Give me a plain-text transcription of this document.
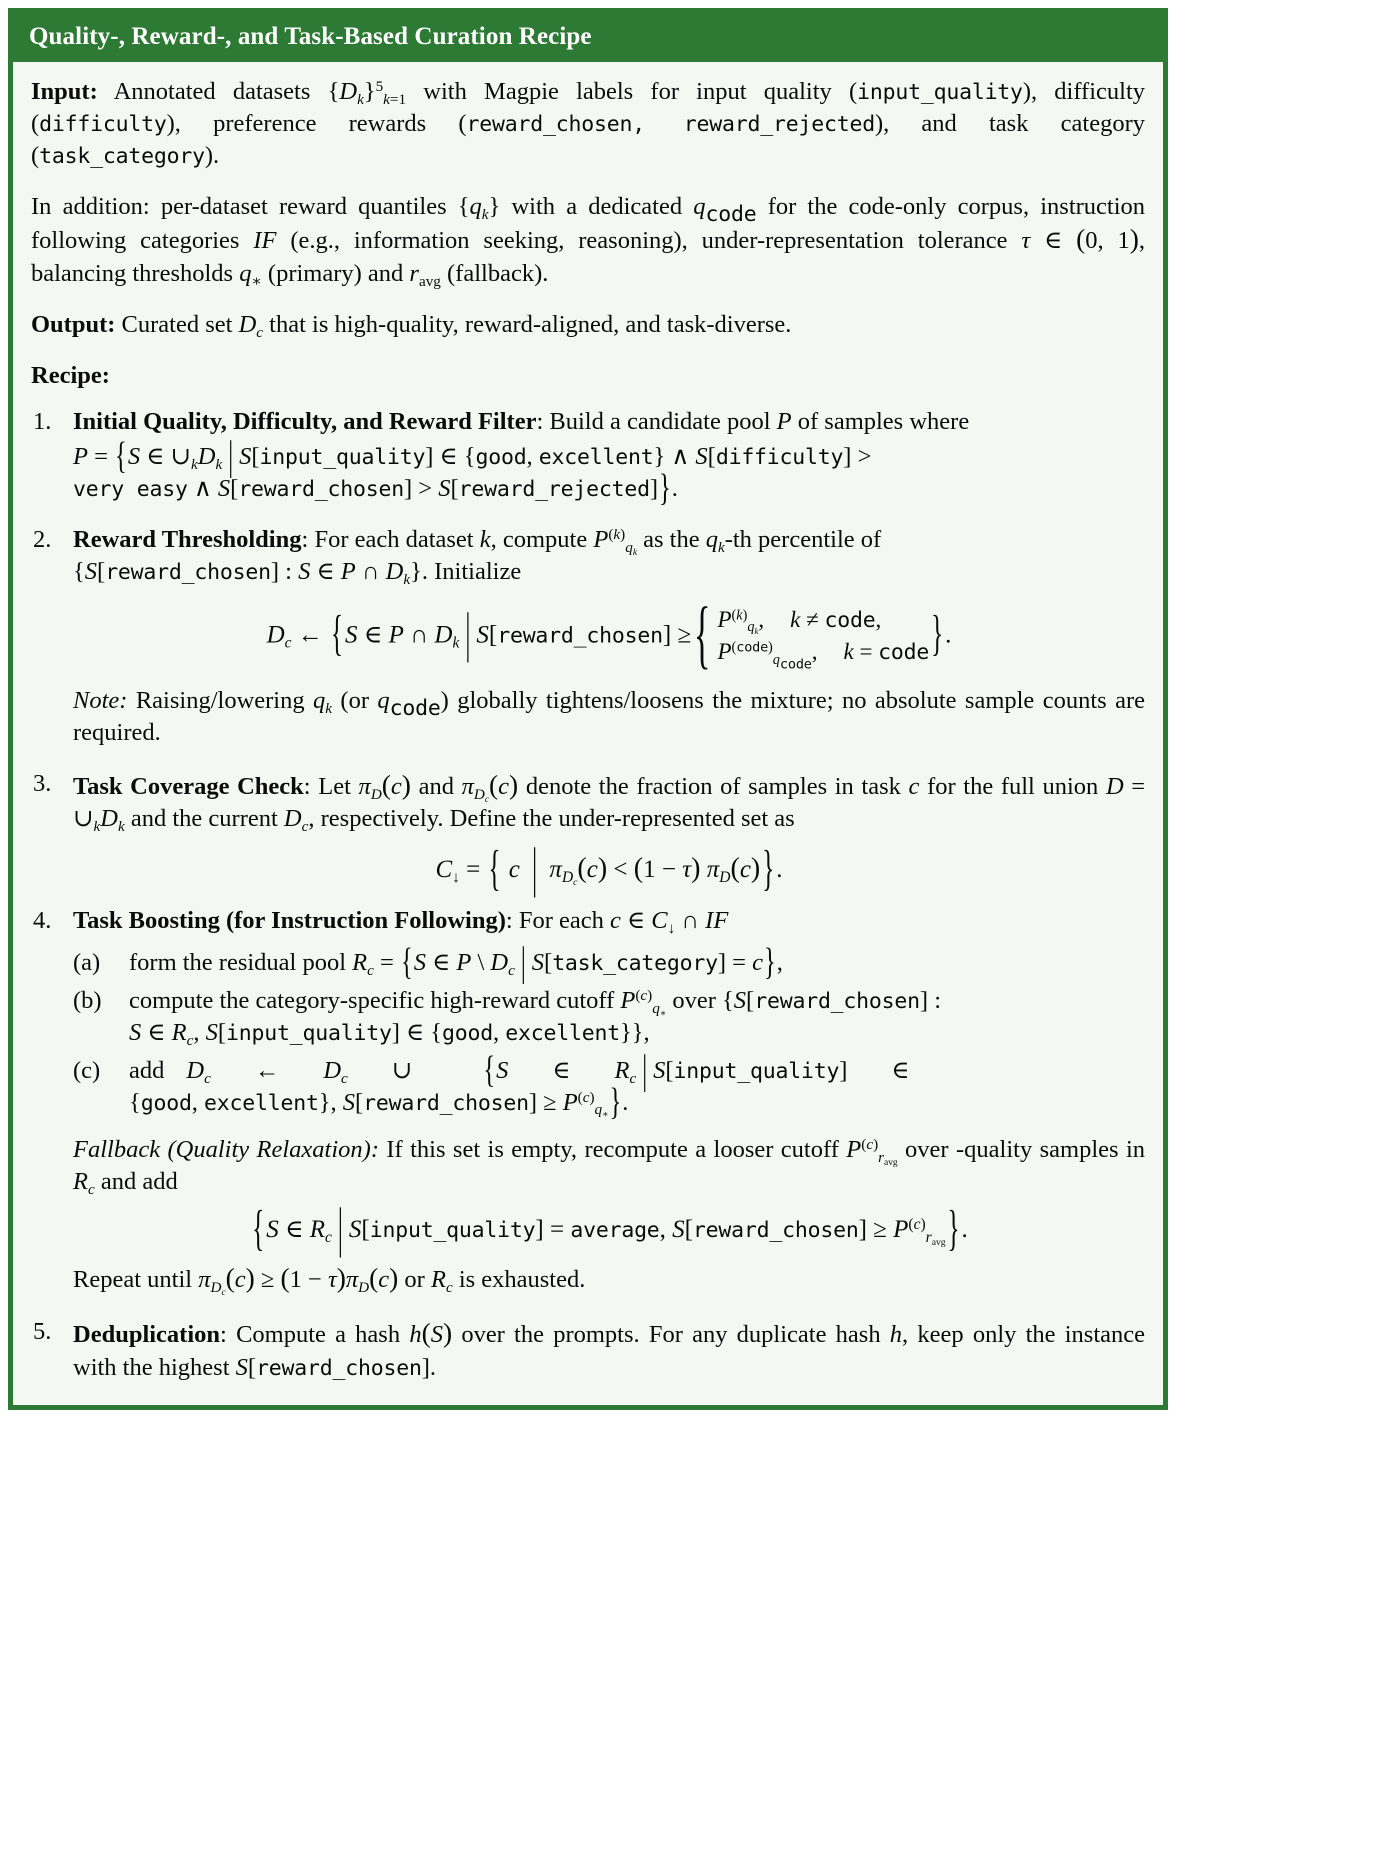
Quality-, Reward-, and Task-Based Curation Recipe

Input: Annotated datasets $\{D_k\}^5_{k=1}$ with Magpie labels for input quality (input_quality), difficulty (difficulty), preference rewards (reward_chosen, reward_rejected), and task category (task_category).

In addition: per-dataset reward quantiles $\{q_k\}$ with a dedicated $q_{code}$ for the code-only corpus, instruction following categories IF (e.g., information seeking, reasoning), under-representation tolerance τ ∈ (0, 1), balancing thresholds $q_∗$ (primary) and $r_{avg}$ (fallback).

Output: Curated set $D_c$ that is high-quality, reward-aligned, and task-diverse.

Recipe:

1. Initial Quality, Difficulty, and Reward Filter: Build a candidate pool P of samples where
P = {S ∈ $\cup_kD_k$ | S[input_quality] ∈ {good, excellent} ∧ S[difficulty] >
very easy ∧ S[reward_chosen] > S[reward_rejected]}.
2. Reward Thresholding: For each dataset k, compute $P^{(k)}_{q_k}$ as the $q_k-th$ percentile of
{S[reward_chosen] : S ∈ P ∩ $D_k$}. Initialize
$D_c$ ← {S ∈ P ∩ $D_k$ | S[reward_chosen] ≥
{ $P^{(k)}_{q_k}$, k ≠ code,
$P^{(code)}_{q_{code}}$, k = code }.
Note: Raising/lowering $q_k$ (or $q_{code}$) globally tightens/loosens the mixture; no absolute sample counts are required.
3. Task Coverage Check: Let $\pi_D(c)$ and $\pi_{D_c}(c)$ denote the fraction of samples in task c for the full union $D = \cup_kD_k$ and the current $D_c$, respectively. Define the under-represented set as
$C_↓$ = { c | $\pi_{D_c}(c) < (1 - \tau)$ $\pi_D(c)$}.
4. Task Boosting (for Instruction Following): For each c ∈ $C_↓$ ∩ IF
(a)	form the residual pool $R_c = \{S$ ∈ P \ $D_c$ | S[task_category] = c},
(b)	compute the category-specific high-reward cutoff $P^{(c)}_{q_∗}$ over {S[reward_chosen] :
S ∈ $R_c$, S[input_quality] ∈ {good, excellent}},
(c)	add $D_c$ ← $D_c$ ∪	{S ∈ $R_c$ | S[input_quality] ∈
{good, excellent}, S[reward_chosen] ≥ $P^{(c)}_{q_∗}$}.
Fallback (Quality Relaxation): If this set is empty, recompute a looser cutoff $P^{(c)}_{r_{avg}}$ over -quality samples in $R_c$ and add
{S ∈ $R_c$ | S[input_quality] = average, S[reward_chosen] ≥ $P^{(c)}_{r_{avg}}$}.
Repeat until $\pi_{D_c}(c) \ge (1 - \tau)\pi_D(c)$ or $R_c$ is exhausted.
5. Deduplication: Compute a hash h(S) over the prompts. For any duplicate hash h, keep only the instance with the highest S[reward_chosen].
